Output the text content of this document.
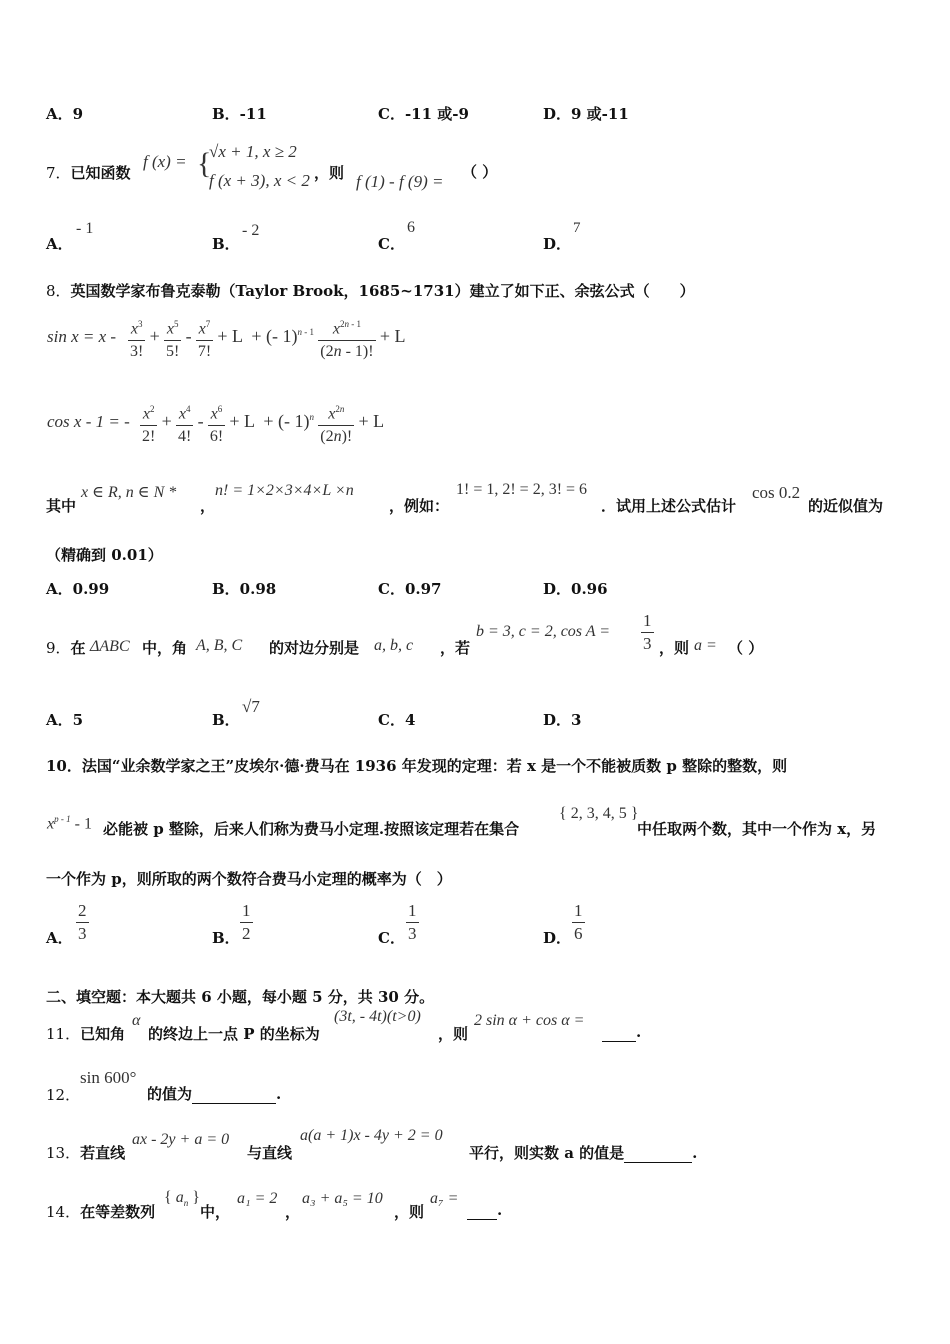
A．9	B．-11	C．-11 或-9	D．9 或-11
7．已知函数
f (x) = {
√x + 1, x ≥ 2
f (x + 3), x < 2 ，则 f (1) - f (9) = （ ）
A．
- 1
B．
- 2
C．
6
D．
7
8．英国数学家布鲁克泰勒（Taylor Brook，1685~1731）建立了如下正、余弦公式（　　）
$\sin x = x - \frac{x^3}{3!} + \frac{x^5}{5!} - \frac{x^7}{7!} + L$  + (- $1)^{n - 1} \frac{x^{2n - 1}}{(2n - 1)!} + L$
cos x - 1 = - $\frac{x^2}{2!} + \frac{x^4}{4!} - \frac{x^6}{6!} + L$  + (- $1)^n \frac{x^{2n}}{(2n)!} + L$
其中
x ∈ R, n ∈ N *
，
n! = 1×2×3×4×L ×n
，例如：
1! = 1, 2! = 2, 3! = 6
．试用上述公式估计
cos 0.2
的近似值为
（精确到 0.01）
A．0.99	B．0.98	C．0.97	D．0.96
9．在 ΔABC 中，角 A, B, C 的对边分别是 a, b, c ，若
b = 3, c = 2, $\cos A = \frac{1}{3}$ ，则 a = （ ）
A．5	B．
√7
C．4	D．3
10．法国“业余数学家之王”皮埃尔·德·费马在 1936 年发现的定理：若 x 是一个不能被质数 p 整除的整数，则
$x^{p - 1} - 1$ 必能被 p 整除，后来人们称为费马小定理.按照该定理若在集合
{ 2, 3, 4, 5 }
中任取两个数，其中一个作为 x，另
一个作为 p，则所取的两个数符合费马小定理的概率为（　）
A． $\frac{2}{3}$	B． $\frac{1}{2}$	C． $\frac{1}{3}$	D． $\frac{1}{6}$
二、填空题：本大题共 6 小题，每小题 5 分，共 30 分。
11．已知角
α
的终边上一点 P 的坐标为
(3t, - 4t)(t>0)
，则
2 sin α + cos α =
.
12．
sin 600°
的值为	.
13．若直线
ax - 2y + a = 0
与直线
a(a + 1)x - 4y + 2 = 0
平行，则实数 a 的值是	.
14．在等差数列
{ $a_n$ }
中，
a₁ = 2
，
a₃ + a₅ = 10
，则
a₇ =
.
